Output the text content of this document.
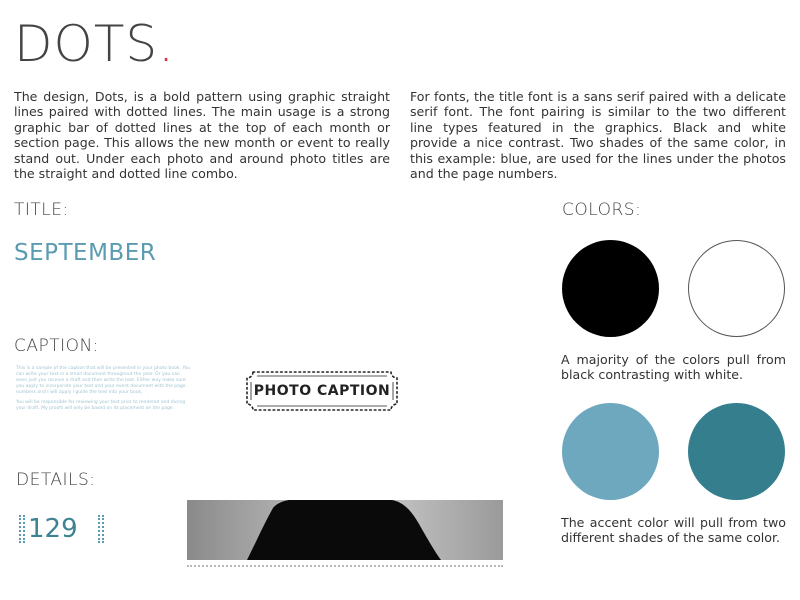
DOTS.

The design, Dots, is a bold pattern using graphic straight lines paired with dotted lines. The main usage is a strong graphic bar of dotted lines at the top of each month or section page. This allows the new month or event to really stand out. Under each photo and around photo titles are the straight and dotted line combo.

For fonts, the title font is a sans serif paired with a delicate serif font. The font pairing is similar to the two different line types featured in the graphics. Black and white provide a nice contrast. Two shades of the same color, in this example: blue, are used for the lines under the photos and the page numbers.

TITLE:
SEPTEMBER
CAPTION:

This is a sample of the caption that will be presented in your photo book. You can write your text in a small document throughout the year. Or you can even just you receive a draft and then write the text. Either way make sure you apply to incorporate your text and your event document with the page numbers and I will apply I guide the text into your book.

You will be responsible for reviewing your text prior to rendered and during your draft. My proofs will only be based on its placement on the page.

PHOTO CAPTION
DETAILS:
129
COLORS:

A majority of the colors pull from black contrasting with white.

The accent color will pull from two different shades of the same color.
